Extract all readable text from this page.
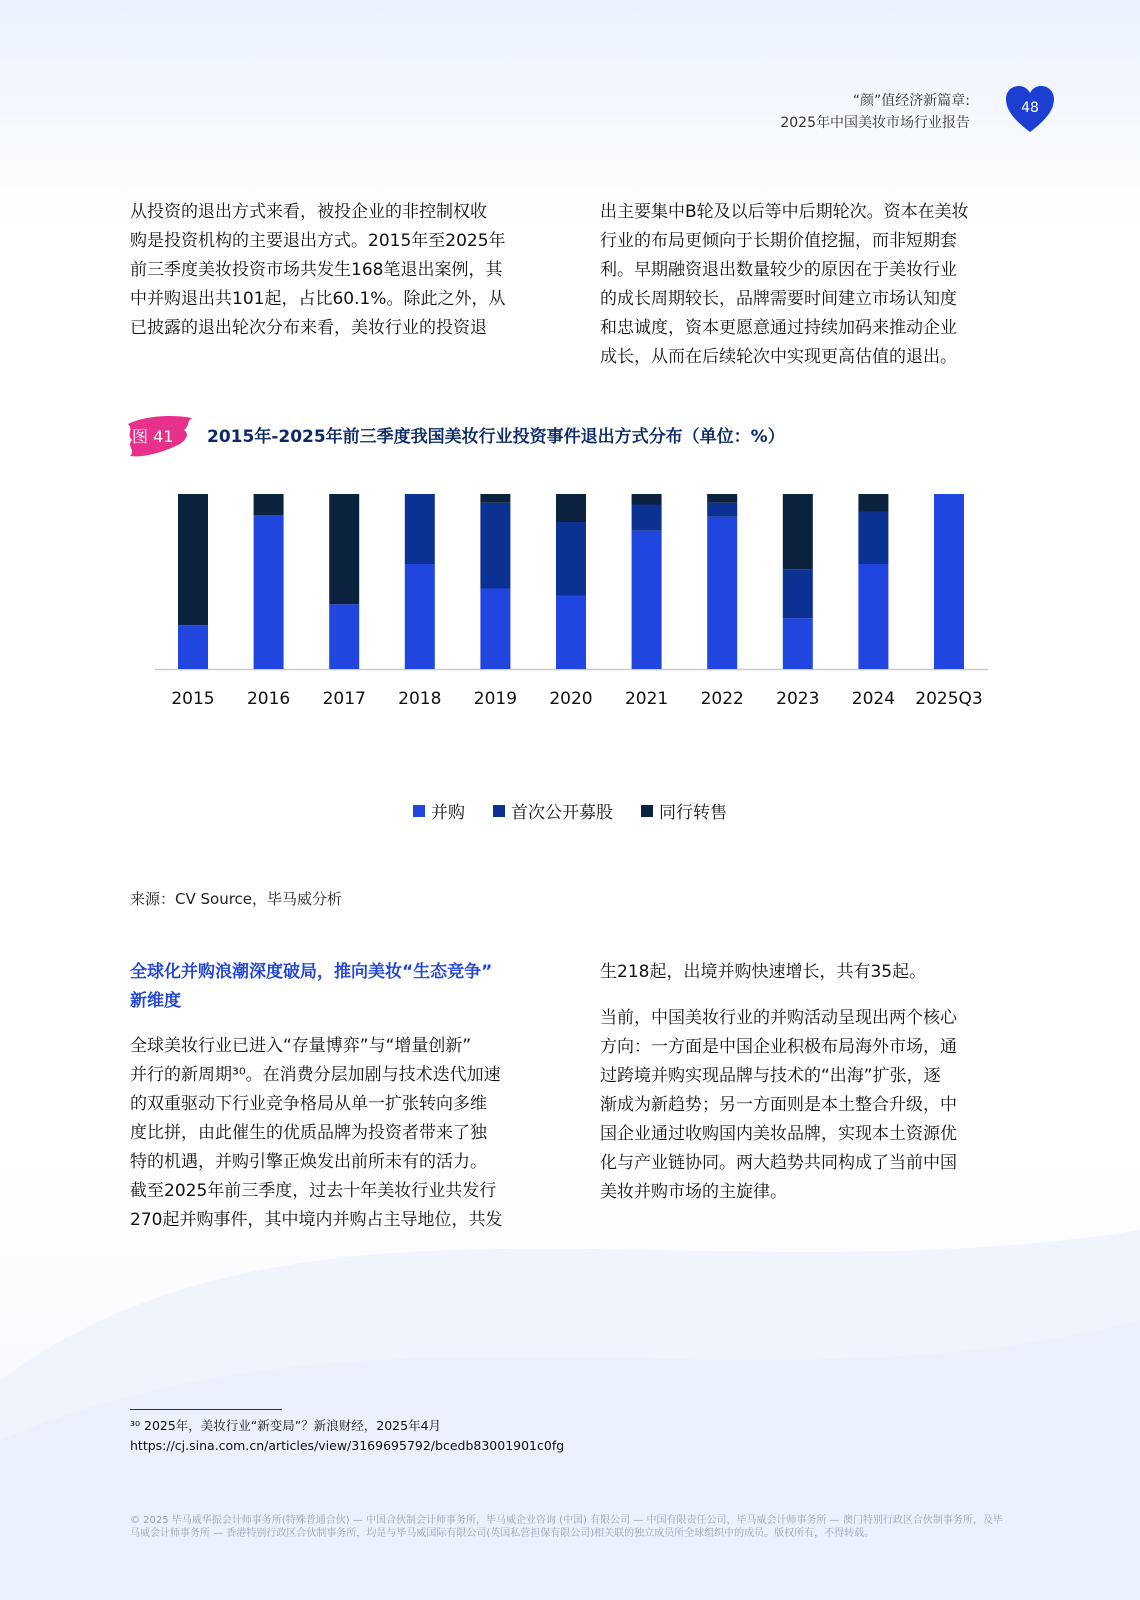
“颜”值经济新篇章:
2025年中国美妆市场行业报告
48
从投资的退出方式来看，被投企业的非控制权收
购是投资机构的主要退出方式。2015年至2025年
前三季度美妆投资市场共发生168笔退出案例，其
中并购退出共101起，占比60.1%。除此之外，从
已披露的退出轮次分布来看，美妆行业的投资退
出主要集中B轮及以后等中后期轮次。资本在美妆
行业的布局更倾向于长期价值挖掘，而非短期套
利。早期融资退出数量较少的原因在于美妆行业
的成长周期较长，品牌需要时间建立市场认知度
和忠诚度，资本更愿意通过持续加码来推动企业
成长，从而在后续轮次中实现更高估值的退出。
图 41 2015年-2025年前三季度我国美妆行业投资事件退出方式分布（单位：%）
2015 2016 2017 2018 2019 2020 2021 2022 2023 2024 2025Q3
并购	首次公开募股	同行转售
来源：CV Source，毕马威分析
全球化并购浪潮深度破局，推向美妆“生态竞争”
新维度
全球美妆行业已进入“存量博弈”与“增量创新”
并行的新周期³⁰。在消费分层加剧与技术迭代加速
的双重驱动下行业竞争格局从单一扩张转向多维
度比拼，由此催生的优质品牌为投资者带来了独
特的机遇，并购引擎正焕发出前所未有的活力。
截至2025年前三季度，过去十年美妆行业共发行
270起并购事件，其中境内并购占主导地位，共发
生218起，出境并购快速增长，共有35起。
当前，中国美妆行业的并购活动呈现出两个核心
方向：一方面是中国企业积极布局海外市场，通
过跨境并购实现品牌与技术的“出海”扩张，逐
渐成为新趋势；另一方面则是本土整合升级，中
国企业通过收购国内美妆品牌，实现本土资源优
化与产业链协同。两大趋势共同构成了当前中国
美妆并购市场的主旋律。
³⁰ 2025年，美妆行业“新变局”？新浪财经，2025年4月
https://cj.sina.com.cn/articles/view/3169695792/bcedb83001901c0fg
© 2025 毕马威华振会计师事务所(特殊普通合伙) — 中国合伙制会计师事务所，毕马威企业咨询 (中国) 有限公司 — 中国有限责任公司，毕马威会计师事务所 — 澳门特别行政区合伙制事务所，及毕马威会计师事务所 — 香港特别行政区合伙制事务所，均是与毕马威国际有限公司(英国私营担保有限公司)相关联的独立成员所全球组织中的成员。版权所有，不得转载。
